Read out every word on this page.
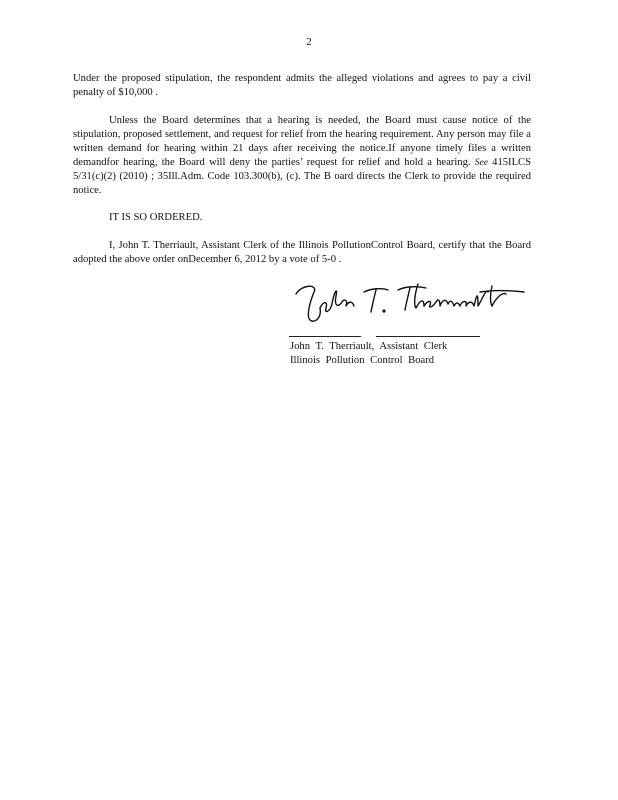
2

Under the proposed stipulation, the respondent admits the alleged violations and agrees to pay a civil penalty of $10,000 .

Unless the Board determines that a hearing is needed, the Board must cause notice of the stipulation, proposed settlement, and request for relief from the hearing requirement. Any person may file a written demand for hearing within 21 days after receiving the notice.If anyone timely files a written demandfor hearing, the Board will deny the parties’ request for relief and hold a hearing. See 415ILCS 5/31(c)(2) (2010) ; 35Ill.Adm. Code 103.300(b), (c). The B oard directs the Clerk to provide the required notice.

IT IS SO ORDERED.

I, John T. Therriault, Assistant Clerk of the Illinois PollutionControl Board, certify that the Board adopted the above order onDecember 6, 2012 by a vote of 5-0 .

John T. Therriault, Assistant Clerk
Illinois Pollution Control Board
